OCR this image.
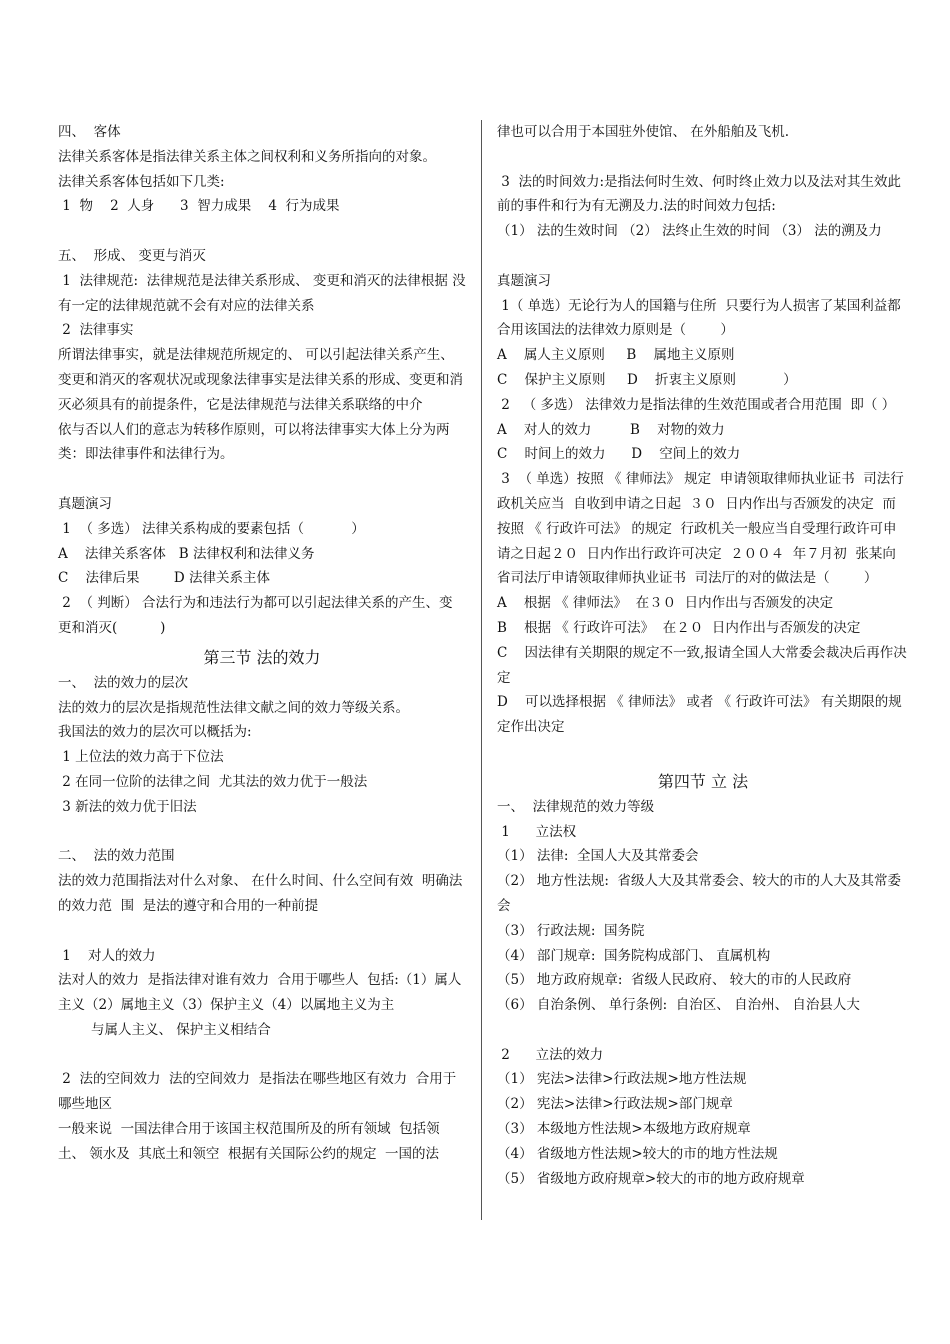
四、  客体

法律关系客体是指法律关系主体之间权利和义务所指向的对象。

法律关系客体包括如下几类:

1  物    2  人身      3  智力成果    4  行为成果

五、  形成、 变更与消灭

1  法律规范:  法律规范是法律关系形成、 变更和消灭的法律根据 没有一定的法律规范就不会有对应的法律关系

2  法律事实

所谓法律事实，就是法律规范所规定的、 可以引起法律关系产生、 变更和消灭的客观状况或现象法律事实是法律关系的形成、变更和消灭必须具有的前提条件，它是法律规范与法律关系联络的中介

依与否以人们的意志为转移作原则，可以将法律事实大体上分为两类：即法律事件和法律行为。

真题演习

1  （ 多选） 法律关系构成的要素包括（           ）

A    法律关系客体   B 法律权利和法律义务

C    法律后果        D 法律关系主体

2  （ 判断） 合法行为和违法行为都可以引起法律关系的产生、变更和消灭(          )

第三节 法的效力

一、  法的效力的层次

法的效力的层次是指规范性法律文献之间的效力等级关系。

我国法的效力的层次可以概括为:

1 上位法的效力高于下位法

2 在同一位阶的法律之间  尤其法的效力优于一般法

3 新法的效力优于旧法

二、  法的效力范围

法的效力范围指法对什么对象、 在什么时间、什么空间有效  明确法的效力范  围  是法的遵守和合用的一种前提

1    对人的效力

法对人的效力  是指法律对谁有效力  合用于哪些人  包括:（1）属人主义（2）属地主义（3）保护主义（4）以属地主义为主

与属人主义、 保护主义相结合

2  法的空间效力  法的空间效力  是指法在哪些地区有效力  合用于哪些地区

一般来说  一国法律合用于该国主权范围所及的所有领域  包括领土、 领水及  其底土和领空  根据有关国际公约的规定  一国的法

律也可以合用于本国驻外使馆、 在外船舶及飞机.

3  法的时间效力:是指法何时生效、何时终止效力以及法对其生效此前的事件和行为有无溯及力.法的时间效力包括:

（1） 法的生效时间 （2） 法终止生效的时间 （3） 法的溯及力

真题演习

1（ 单选）无论行为人的国籍与住所  只要行为人损害了某国利益都合用该国法的法律效力原则是（        ）

A    属人主义原则     B    属地主义原则

C    保护主义原则     D    折衷主义原则           ）

2   （ 多选） 法律效力是指法律的生效范围或者合用范围  即（ ）

A    对人的效力         B    对物的效力

C    时间上的效力      D    空间上的效力

3  （ 单选）按照 《 律师法》 规定  申请领取律师执业证书  司法行政机关应当  自收到申请之日起  ３０  日内作出与否颁发的决定  而按照 《 行政许可法》 的规定  行政机关一般应当自受理行政许可申请之日起２０  日内作出行政许可决定  ２００４  年７月初  张某向省司法厅申请领取律师执业证书  司法厅的对的做法是（        ）

A    根据 《 律师法》  在３０  日内作出与否颁发的决定

B    根据 《 行政许可法》  在２０  日内作出与否颁发的决定

C    因法律有关期限的规定不一致,报请全国人大常委会裁决后再作决定

D    可以选择根据 《 律师法》 或者 《 行政许可法》 有关期限的规定作出决定

第四节 立 法

一、  法律规范的效力等级

1      立法权

（1） 法律:  全国人大及其常委会

（2） 地方性法规:  省级人大及其常委会、较大的市的人大及其常委会

（3） 行政法规:  国务院

（4） 部门规章:  国务院构成部门、 直属机构

（5） 地方政府规章:  省级人民政府、 较大的市的人民政府

（6） 自治条例、 单行条例:  自治区、 自治州、 自治县人大

2      立法的效力

（1） 宪法>法律>行政法规>地方性法规

（2） 宪法>法律>行政法规>部门规章

（3） 本级地方性法规>本级地方政府规章

（4） 省级地方性法规>较大的市的地方性法规

（5） 省级地方政府规章>较大的市的地方政府规章
